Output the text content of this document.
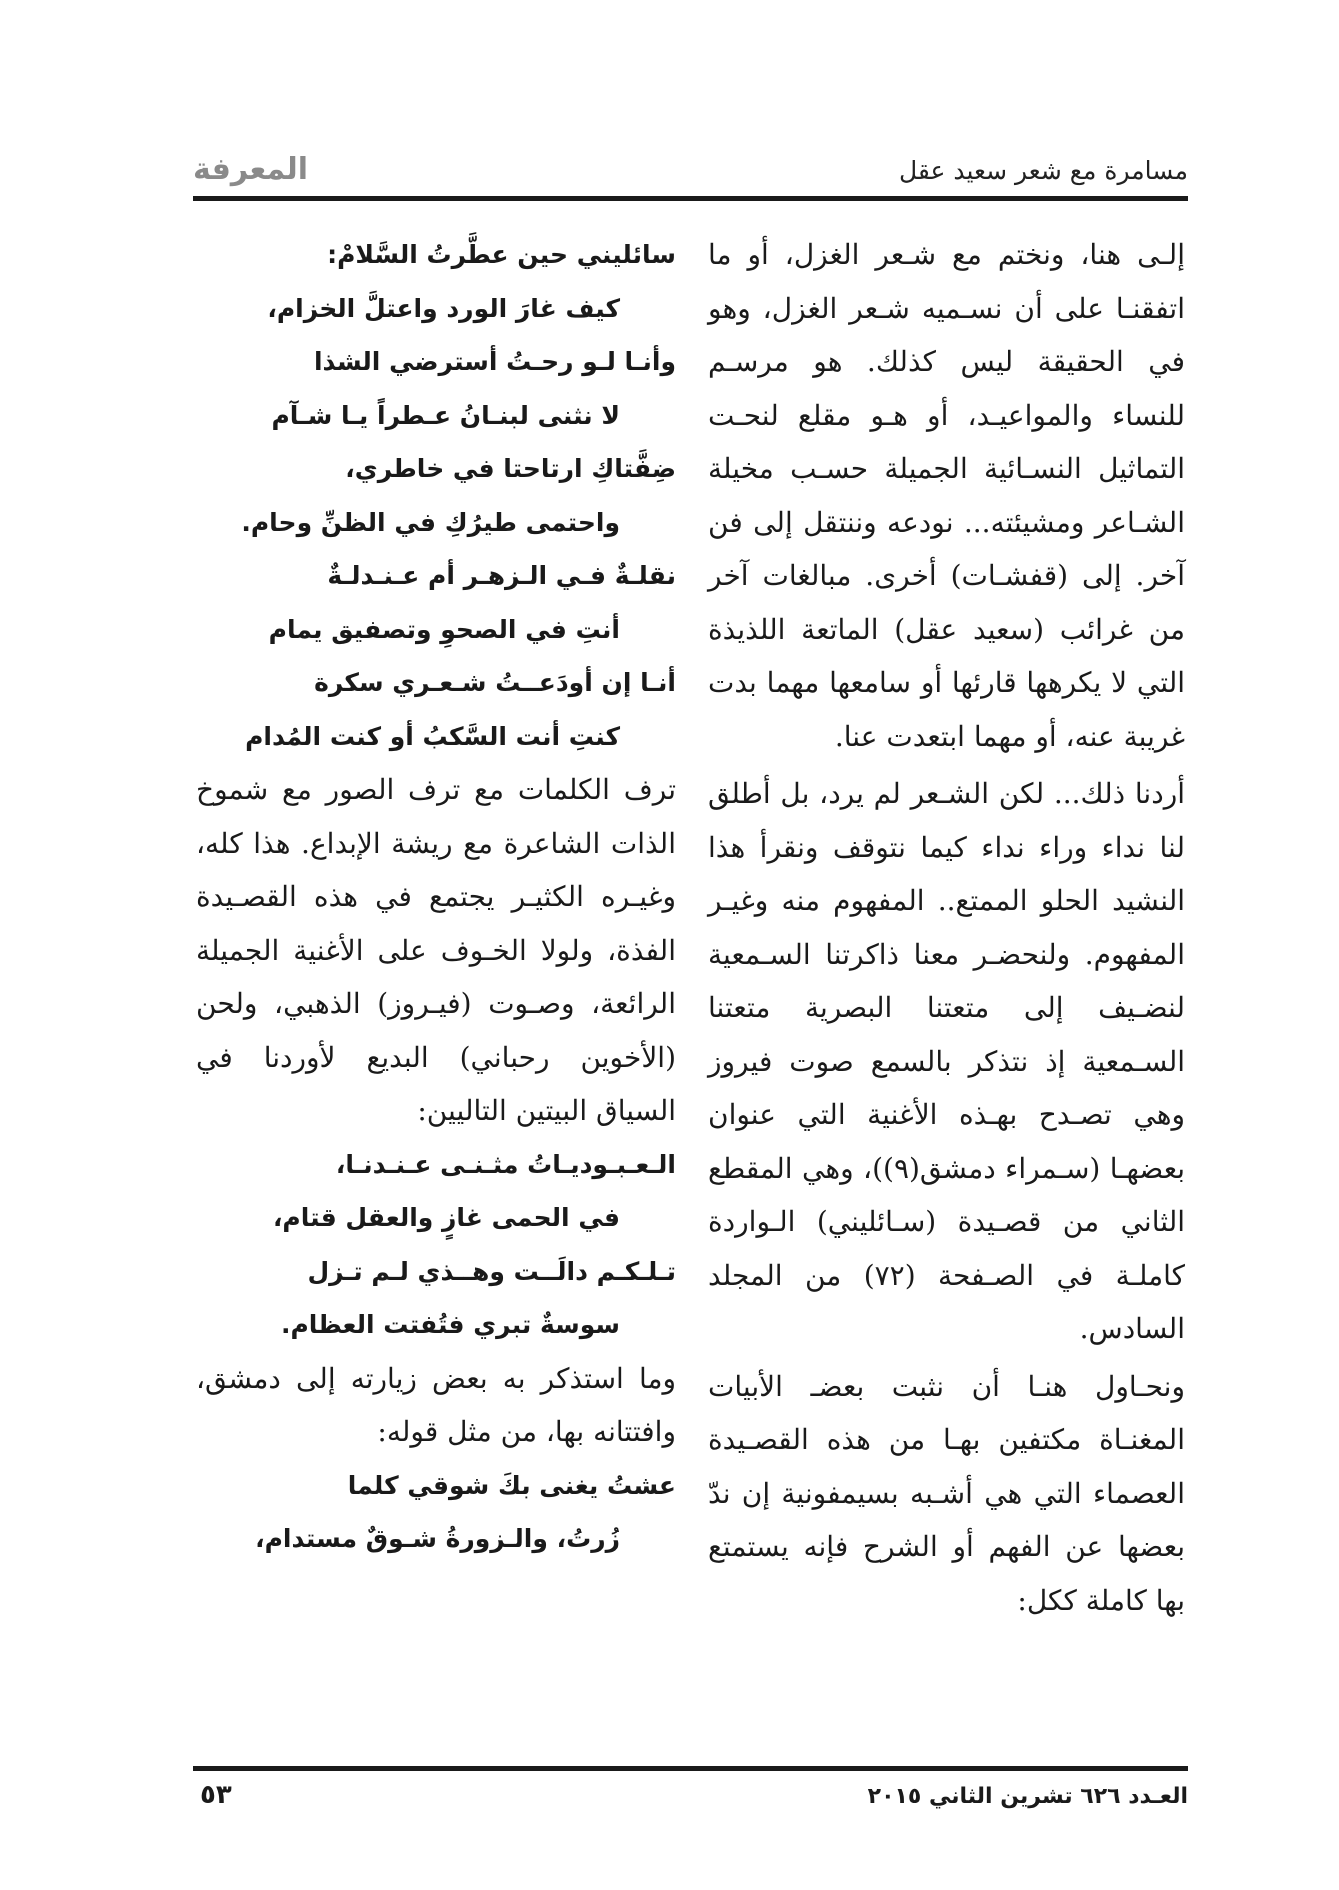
المعرفة	مسامرة مع شعر سعيد عقل

إلـى هنا، ونختم مع شـعر الغزل، أو ما اتفقنـا على أن نسـميه شـعر الغزل، وهو في الحقيقة ليس كذلك. هو مرسـم للنساء والمواعيـد، أو هـو مقلع لنحـت التماثيل النسـائية الجميلة حسـب مخيلة الشـاعر ومشيئته... نودعه وننتقل إلى فن آخر. إلى (قفشـات) أخرى. مبالغات آخر من غرائب (سعيد عقل) الماتعة اللذيذة التي لا يكرهها قارئها أو سامعها مهما بدت غريبة عنه، أو مهما ابتعدت عنا.

أردنا ذلك... لكن الشـعر لم يرد، بل أطلق لنا نداء وراء نداء كيما نتوقف ونقرأ هذا النشيد الحلو الممتع.. المفهوم منه وغيـر المفهوم. ولنحضـر معنا ذاكرتنا السـمعية لنضـيف إلى متعتنا البصرية متعتنا السـمعية إذ نتذكر بالسمع صوت فيروز وهي تصـدح بهـذه الأغنية التي عنوان بعضهـا (سـمراء دمشق(٩))، وهي المقطع الثاني من قصـيدة (سـائليني) الـواردة كاملـة في الصـفحة (٧٢) من المجلد السادس.

ونحـاول هنـا أن نثبت بعضـ الأبيات المغنـاة مكتفين بهـا من هذه القصـيدة العصماء التي هي أشـبه بسيمفونية إن ندّ بعضها عن الفهم أو الشرح فإنه يستمتع بها كاملة ككل:

سائليني حين عطَّرتُ السَّلامْ:

كيف غارَ الورد واعتلَّ الخزام،

وأنـا لـو رحـتُ أسترضي الشذا

لا نثنى لبنـانُ عـطراً يـا شـآم

ضِفَّتاكِ ارتاحتا في خاطري،

واحتمى طيرُكِ في الظنِّ وحام.

نقلـةٌ فـي الـزهـر أم عـنـدلـةٌ

أنتِ في الصحوِ وتصفيق يمام

أنـا إن أودَعــتُ شـعـري سكرة

كنتِ أنت السَّكبُ أو كنت المُدام

ترف الكلمات مع ترف الصور مع شموخ الذات الشاعرة مع ريشة الإبداع. هذا كله، وغيـره الكثيـر يجتمع في هذه القصـيدة الفذة، ولولا الخـوف على الأغنية الجميلة الرائعة، وصـوت (فيـروز) الذهبي، ولحن (الأخوين رحباني) البديع لأوردنا في السياق البيتين التاليين:

الـعـبـوديـاتُ مثـنـى عـنـدنـا،

في الحمى غازٍ والعقل قتام،

تـلـكـم دالَــت وهــذي لـم تـزل

سوسةٌ تبري فتُفتت العظام.

وما استذكر به بعض زيارته إلى دمشق، وافتتانه بها، من مثل قوله:

عشتُ يغنى بكَ شوقي كلما

زُرتُ، والـزورةُ شـوقٌ مستدام،

العـدد ٦٢٦ تشرين الثاني ٢٠١٥
٥٣
